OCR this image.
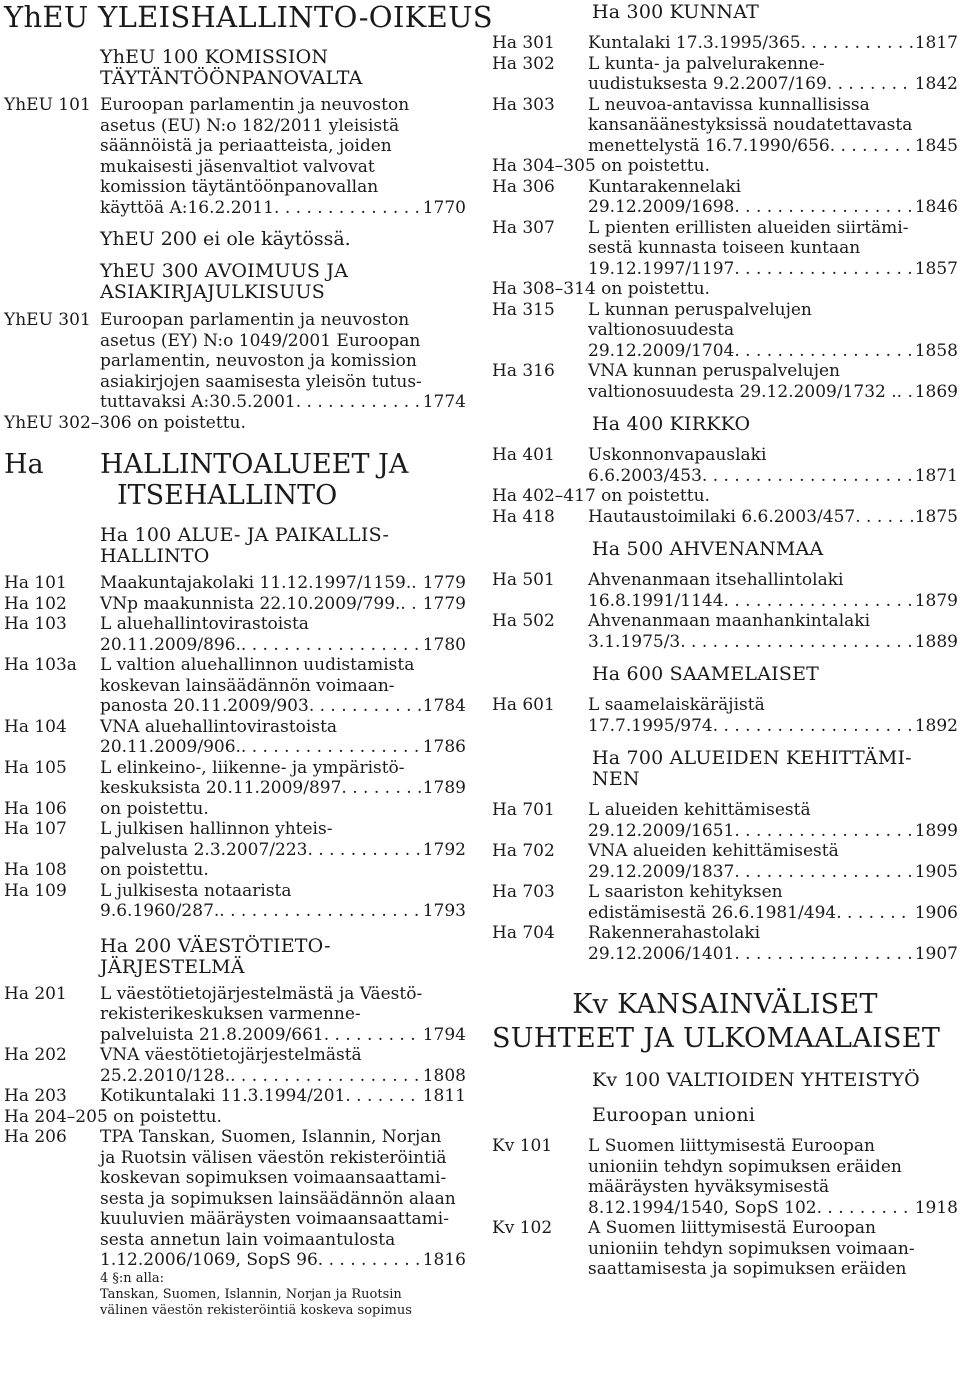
YhEU YLEISHALLINTO-OIKEUS
YhEU 100 KOMISSION
TÄYTÄNTÖÖNPANOVALTA
YhEU 101 Euroopan parlamentin ja neuvoston
asetus (EU) N:o 182/2011 yleisistä
säännöistä ja periaatteista, joiden
mukaisesti jäsenvaltiot valvovat
komission täytäntöönpanovallan
käyttöä A:16.2.2011 . . .	1770
YhEU 200 ei ole käytössä.
YhEU 300 AVOIMUUS JA
ASIAKIRJAJULKISUUS
YhEU 301 Euroopan parlamentin ja neuvoston
asetus (EY) N:o 1049/2001 Euroopan
parlamentin, neuvoston ja komission
asiakirjojen saamisesta yleisön tutus-
tuttavaksi A:30.5.2001 . . .	1774
YhEU 302–306 on poistettu.
Ha	HALLINTOALUEET JA
ITSEHALLINTO
Ha 100 ALUE- JA PAIKALLIS-
HALLINTO
Ha 101	Maakuntajakolaki 11.12.1997/1159. . . . 1779
Ha 102	VNp maakunnista 22.10.2009/799. . . . 1779
Ha 103	L aluehallintovirastoista
20.11.2009/896. . . .	1780
Ha 103a	L valtion aluehallinnon uudistamista
koskevan lainsäädännön voimaan-
panosta 20.11.2009/903 . . .	1784
Ha 104	VNA aluehallintovirastoista
20.11.2009/906. . . .	1786
Ha 105	L elinkeino-, liikenne- ja ympäristö-
keskuksista 20.11.2009/897 . . .	1789
Ha 106	on poistettu.
Ha 107	L julkisen hallinnon yhteis-
palvelusta 2.3.2007/223 . . .	1792
Ha 108	on poistettu.
Ha 109	L julkisesta notaarista
9.6.1960/287. . . .	1793
Ha 200 VÄESTÖTIETO-
JÄRJESTELMÄ
Ha 201	L väestötietojärjestelmästä ja Väestö-
rekisterikeskuksen varmenne-
palveluista 21.8.2009/661 . . .	1794
Ha 202	VNA väestötietojärjestelmästä
25.2.2010/128. . . .	1808
Ha 203	Kotikuntalaki 11.3.1994/201 . . .	1811
Ha 204–205 on poistettu.
Ha 206	TPA Tanskan, Suomen, Islannin, Norjan
ja Ruotsin välisen väestön rekisteröintiä
koskevan sopimuksen voimaansaattami-
sesta ja sopimuksen lainsäädännön alaan
kuuluvien määräysten voimaansaattami-
sesta annetun lain voimaantulosta
1.12.2006/1069, SopS 96 . . .	1816
4 §:n alla:
Tanskan, Suomen, Islannin, Norjan ja Ruotsin
välinen väestön rekisteröintiä koskeva sopimus
Ha 300 KUNNAT
Ha 301	Kuntalaki 17.3.1995/365 . . .	1817
Ha 302	L kunta- ja palvelurakenne-
uudistuksesta 9.2.2007/169 . . .	1842
Ha 303	L neuvoa-antavissa kunnallisissa
kansanäänestyksissä noudatettavasta
menettelystä 16.7.1990/656 . . .	1845
Ha 304–305 on poistettu.
Ha 306	Kuntarakennelaki
29.12.2009/1698 . . .	1846
Ha 307	L pienten erillisten alueiden siirtämi-
sestä kunnasta toiseen kuntaan
19.12.1997/1197 . . .	1857
Ha 308–314 on poistettu.
Ha 315	L kunnan peruspalvelujen
valtionosuudesta
29.12.2009/1704 . . .	1858
Ha 316	VNA kunnan peruspalvelujen
valtionosuudesta 29.12.2009/1732 . . . . 1869
Ha 400 KIRKKO
Ha 401	Uskonnonvapauslaki
6.6.2003/453 . . .	1871
Ha 402–417 on poistettu.
Ha 418	Hautaustoimilaki 6.6.2003/457 . . .	1875
Ha 500 AHVENANMAA
Ha 501	Ahvenanmaan itsehallintolaki
16.8.1991/1144 . . .	1879
Ha 502	Ahvenanmaan maanhankintalaki
3.1.1975/3 . . .	1889
Ha 600 SAAMELAISET
Ha 601	L saamelaiskäräjistä
17.7.1995/974 . . .	1892
Ha 700 ALUEIDEN KEHITTÄMI-
NEN
Ha 701	L alueiden kehittämisestä
29.12.2009/1651 . . .	1899
Ha 702	VNA alueiden kehittämisestä
29.12.2009/1837 . . .	1905
Ha 703	L saariston kehityksen
edistämisestä 26.6.1981/494 . . .	1906
Ha 704	Rakennerahastolaki
29.12.2006/1401 . . .	1907
Kv KANSAINVÄLISET
SUHTEET JA ULKOMAALAISET
Kv 100 VALTIOIDEN YHTEISTYÖ
Euroopan unioni
Kv 101	L Suomen liittymisestä Euroopan
unioniin tehdyn sopimuksen eräiden
määräysten hyväksymisestä
8.12.1994/1540, SopS 102 . . .	1918
Kv 102	A Suomen liittymisestä Euroopan
unioniin tehdyn sopimuksen voimaan-
saattamisesta ja sopimuksen eräiden
